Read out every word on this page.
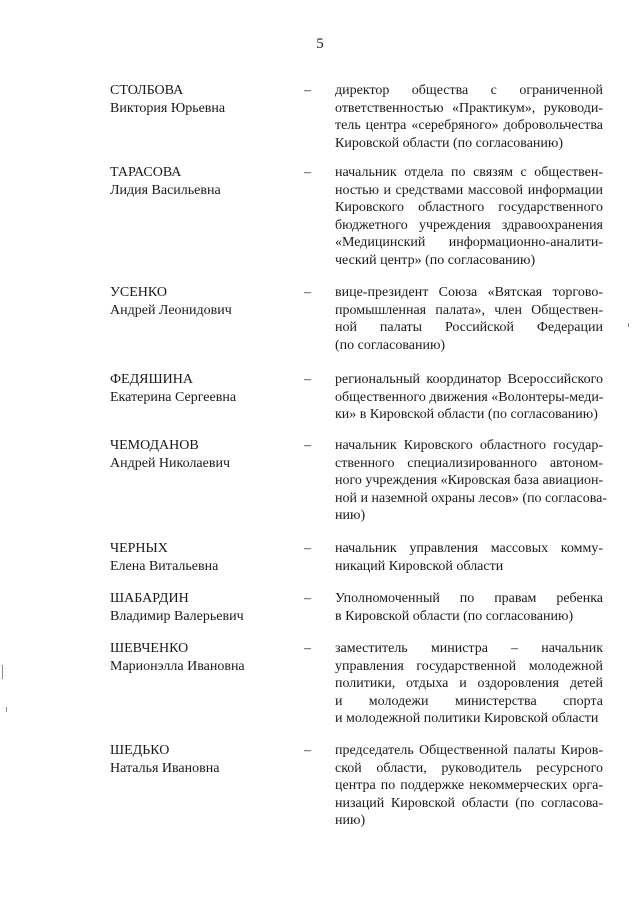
5
СТОЛБОВА
Виктория Юрьевна
– директор общества с ограниченной
ответственностью «Практикум», руководи-
тель центра «серебряного» добровольчества
Кировской области (по согласованию)
ТАРАСОВА
Лидия Васильевна
– начальник отдела по связям с обществен-
ностью и средствами массовой информации
Кировского областного государственного
бюджетного учреждения здравоохранения
«Медицинский информационно-аналити-
ческий центр» (по согласованию)
УСЕНКО
Андрей Леонидович
– вице-президент Союза «Вятская торгово-
промышленная палата», член Обществен-
ной палаты Российской Федерации
(по согласованию)
ФЕДЯШИНА
Екатерина Сергеевна
– региональный координатор Всероссийского
общественного движения «Волонтеры-меди-
ки» в Кировской области (по согласованию)
ЧЕМОДАНОВ
Андрей Николаевич
– начальник Кировского областного государ-
ственного специализированного автоном-
ного учреждения «Кировская база авиацион-
ной и наземной охраны лесов» (по согласова-
нию)
ЧЕРНЫХ
Елена Витальевна
– начальник управления массовых комму-
никаций Кировской области
ШАБАРДИН
Владимир Валерьевич
– Уполномоченный по правам ребенка
в Кировской области (по согласованию)
ШЕВЧЕНКО
Марионэлла Ивановна
– заместитель министра – начальник
управления государственной молодежной
политики, отдыха и оздоровления детей
и молодежи министерства спорта
и молодежной политики Кировской области
ШЕДЬКО
Наталья Ивановна
– председатель Общественной палаты Киров-
ской области, руководитель ресурсного
центра по поддержке некоммерческих орга-
низаций Кировской области (по согласова-
нию)
